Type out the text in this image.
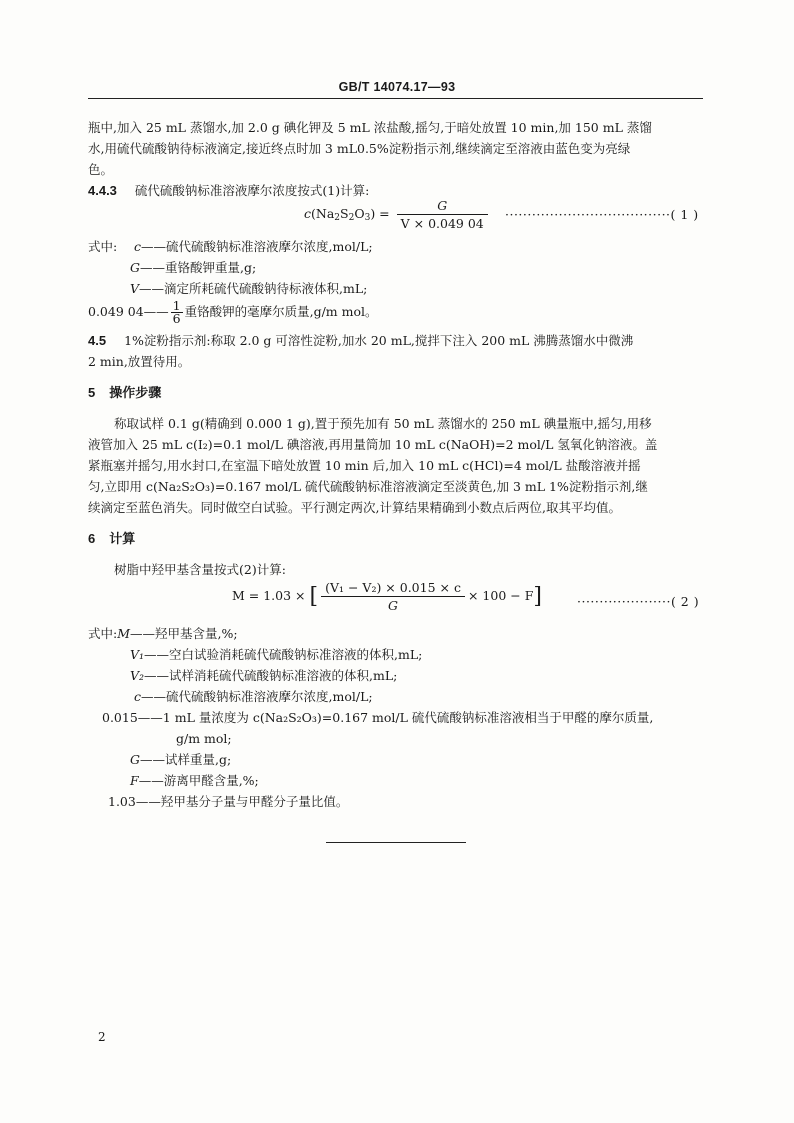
GB/T 14074.17—93
瓶中,加入 25 mL 蒸馏水,加 2.0 g 碘化钾及 5 mL 浓盐酸,摇匀,于暗处放置 10 min,加 150 mL 蒸馏
水,用硫代硫酸钠待标液滴定,接近终点时加 3 mL0.5%淀粉指示剂,继续滴定至溶液由蓝色变为亮绿
色。
4.4.3 硫代硫酸钠标准溶液摩尔浓度按式(1)计算:
$c(Na_2S_2O_3) = \frac{G}{V \times 0.049 04}$ ·····································( 1 )
式中: c——硫代硫酸钠标准溶液摩尔浓度,mol/L;
G——重铬酸钾重量,g;
V——滴定所耗硫代硫酸钠待标液体积,mL;
0.049 04—— $\frac{1}{6}$ 重铬酸钾的毫摩尔质量,g/m mol。
4.5 1%淀粉指示剂:称取 2.0 g 可溶性淀粉,加水 20 mL,搅拌下注入 200 mL 沸腾蒸馏水中微沸
2 min,放置待用。
5 操作步骤
称取试样 0.1 g(精确到 0.000 1 g),置于预先加有 50 mL 蒸馏水的 250 mL 碘量瓶中,摇匀,用移
液管加入 25 mL c(I₂)=0.1 mol/L 碘溶液,再用量筒加 10 mL c(NaOH)=2 mol/L 氢氧化钠溶液。盖
紧瓶塞并摇匀,用水封口,在室温下暗处放置 10 min 后,加入 10 mL c(HCl)=4 mol/L 盐酸溶液并摇
匀,立即用 c(Na₂S₂O₃)=0.167 mol/L 硫代硫酸钠标准溶液滴定至淡黄色,加 3 mL 1%淀粉指示剂,继
续滴定至蓝色消失。同时做空白试验。平行测定两次,计算结果精确到小数点后两位,取其平均值。
6 计算
树脂中羟甲基含量按式(2)计算:
M = 1.03 × [ $\frac{\text{(V₁ − V₂) × 0.015 × c}}{G} \times 100 - F$]	·····················( 2 )
式中:M——羟甲基含量,%;
V₁——空白试验消耗硫代硫酸钠标准溶液的体积,mL;
V₂——试样消耗硫代硫酸钠标准溶液的体积,mL;
c——硫代硫酸钠标准溶液摩尔浓度,mol/L;
0.015——1 mL 量浓度为 c(Na₂S₂O₃)=0.167 mol/L 硫代硫酸钠标准溶液相当于甲醛的摩尔质量,
g/m mol;
G——试样重量,g;
F——游离甲醛含量,%;
1.03——羟甲基分子量与甲醛分子量比值。
2
